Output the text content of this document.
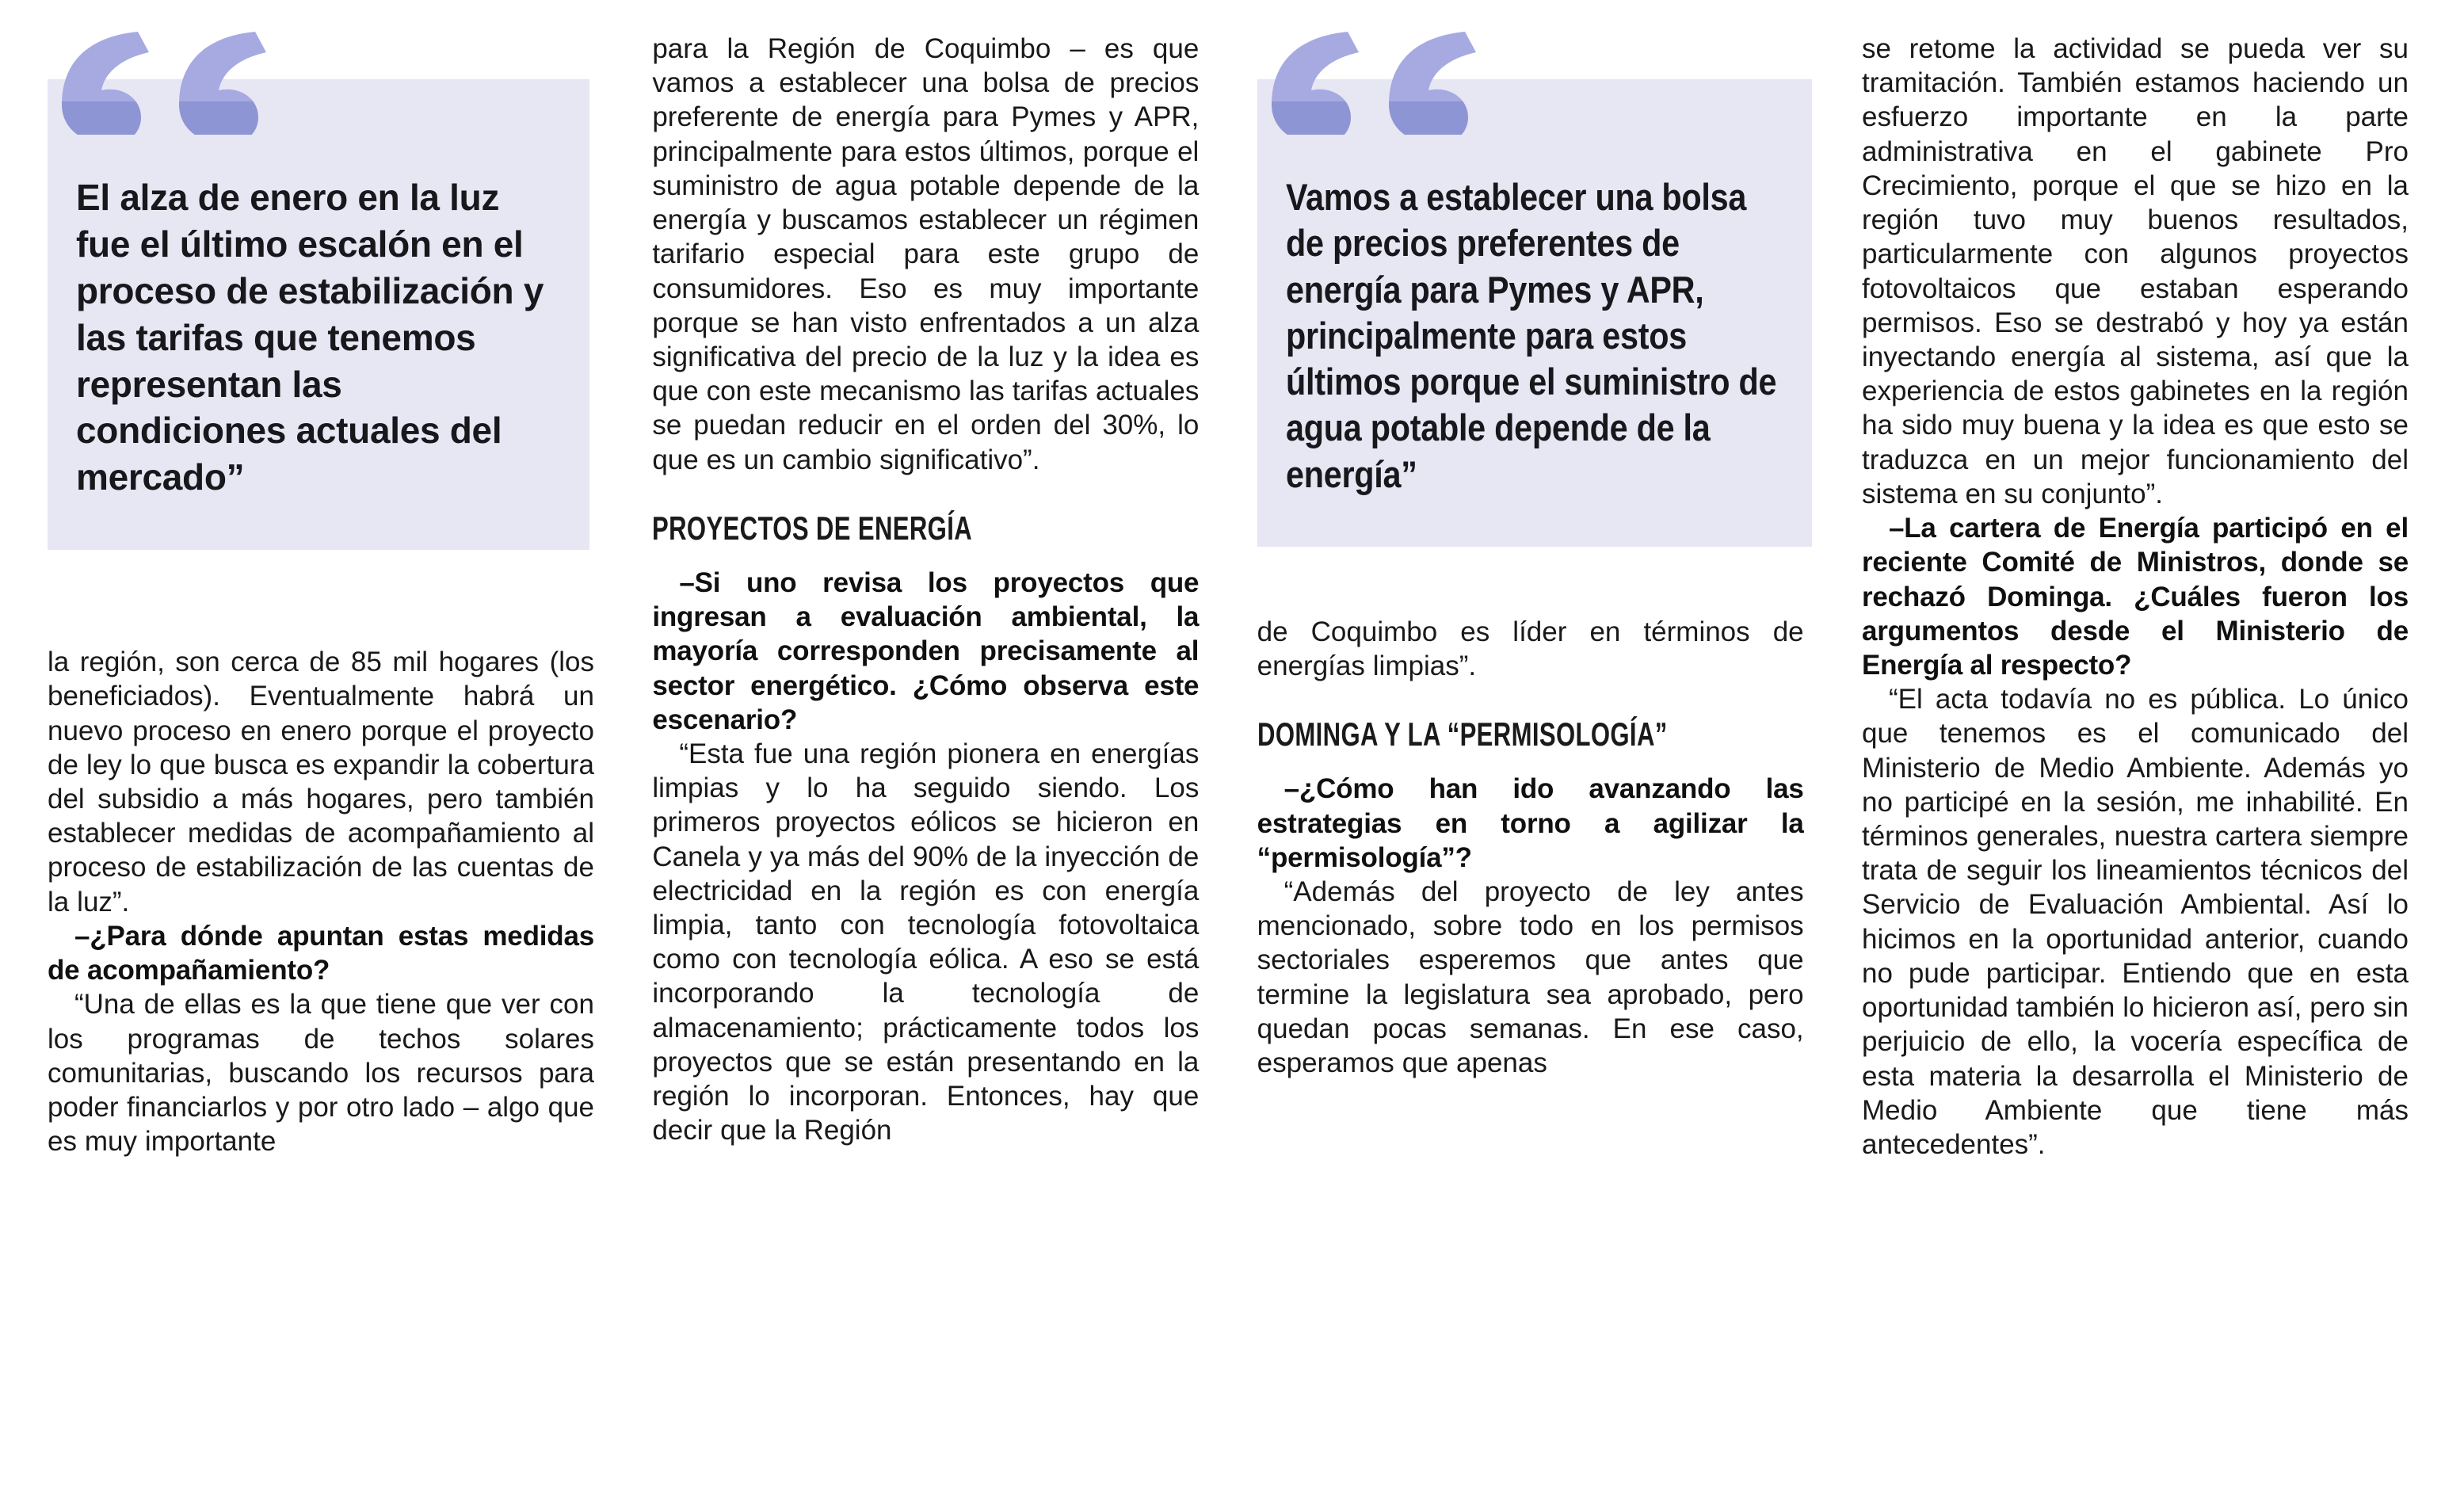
El alza de enero en la luz fue el último escalón en el proceso de estabilización y las tarifas que tenemos representan las condiciones actuales del mercado”

la región, son cerca de 85 mil hogares (los beneficiados). Eventualmente habrá un nuevo proceso en enero porque el proyecto de ley lo que busca es expandir la cobertura del subsidio a más hogares, pero también establecer medidas de acompañamiento al proceso de estabilización de las cuentas de la luz”.

–¿Para dónde apuntan estas medidas de acompañamiento?

“Una de ellas es la que tiene que ver con los programas de techos solares comunitarias, buscando los recursos para poder financiarlos y por otro lado – algo que es muy importante

para la Región de Coquimbo – es que vamos a establecer una bolsa de precios preferente de energía para Pymes y APR, principalmente para estos últimos, porque el suministro de agua potable depende de la energía y buscamos establecer un régimen tarifario especial para este grupo de consumidores. Eso es muy importante porque se han visto enfrentados a un alza significativa del precio de la luz y la idea es que con este mecanismo las tarifas actuales se puedan reducir en el orden del 30%, lo que es un cambio significativo”.

PROYECTOS DE ENERGÍA

–Si uno revisa los proyectos que ingresan a evaluación ambiental, la mayoría corresponden precisamente al sector energético. ¿Cómo observa este escenario?

“Esta fue una región pionera en energías limpias y lo ha seguido siendo. Los primeros proyectos eólicos se hicieron en Canela y ya más del 90% de la inyección de electricidad en la región es con energía limpia, tanto con tecnología fotovoltaica como con tecnología eólica. A eso se está incorporando la tecnología de almacenamiento; prácticamente todos los proyectos que se están presentando en la región lo incorporan. Entonces, hay que decir que la Región

Vamos a establecer una bolsa de precios preferentes de energía para Pymes y APR, principalmente para estos últimos porque el suministro de agua potable depende de la energía”

de Coquimbo es líder en términos de energías limpias”.

DOMINGA Y LA “PERMISOLOGÍA”

–¿Cómo han ido avanzando las estrategias en torno a agilizar la “permisología”?

“Además del proyecto de ley antes mencionado, sobre todo en los permisos sectoriales esperemos que antes que termine la legislatura sea aprobado, pero quedan pocas semanas. En ese caso, esperamos que apenas

se retome la actividad se pueda ver su tramitación. También estamos haciendo un esfuerzo importante en la parte administrativa en el gabinete Pro Crecimiento, porque el que se hizo en la región tuvo muy buenos resultados, particularmente con algunos proyectos fotovoltaicos que estaban esperando permisos. Eso se destrabó y hoy ya están inyectando energía al sistema, así que la experiencia de estos gabinetes en la región ha sido muy buena y la idea es que esto se traduzca en un mejor funcionamiento del sistema en su conjunto”.

–La cartera de Energía participó en el reciente Comité de Ministros, donde se rechazó Dominga. ¿Cuáles fueron los argumentos desde el Ministerio de Energía al respecto?

“El acta todavía no es pública. Lo único que tenemos es el comunicado del Ministerio de Medio Ambiente. Además yo no participé en la sesión, me inhabilité. En términos generales, nuestra cartera siempre trata de seguir los lineamientos técnicos del Servicio de Evaluación Ambiental. Así lo hicimos en la oportunidad anterior, cuando no pude participar. Entiendo que en esta oportunidad también lo hicieron así, pero sin perjuicio de ello, la vocería específica de esta materia la desarrolla el Ministerio de Medio Ambiente que tiene más antecedentes”.
